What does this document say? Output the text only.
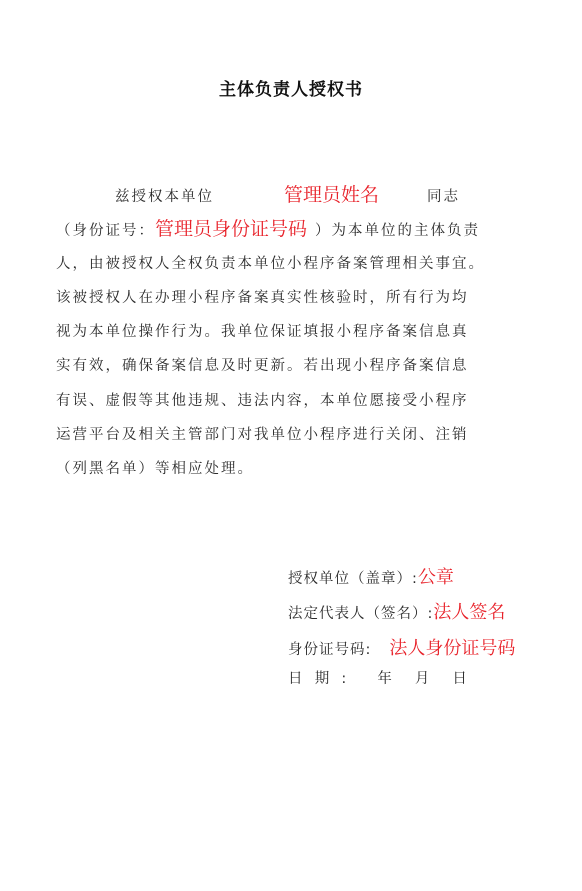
主体负责人授权书
兹授权本单位	管理员姓名	同志
（身份证号：管理员身份证号码 ）为本单位的主体负责
人，由被授权人全权负责本单位小程序备案管理相关事宜。
该被授权人在办理小程序备案真实性核验时，所有行为均
视为本单位操作行为。我单位保证填报小程序备案信息真
实有效，确保备案信息及时更新。若出现小程序备案信息
有误、虚假等其他违规、违法内容，本单位愿接受小程序
运营平台及相关主管部门对我单位小程序进行关闭、注销
（列黑名单）等相应处理。
授权单位（盖章）:公章
法定代表人（签名）:法人签名
身份证号码: 法人身份证号码
日  期  : 年 月 日
